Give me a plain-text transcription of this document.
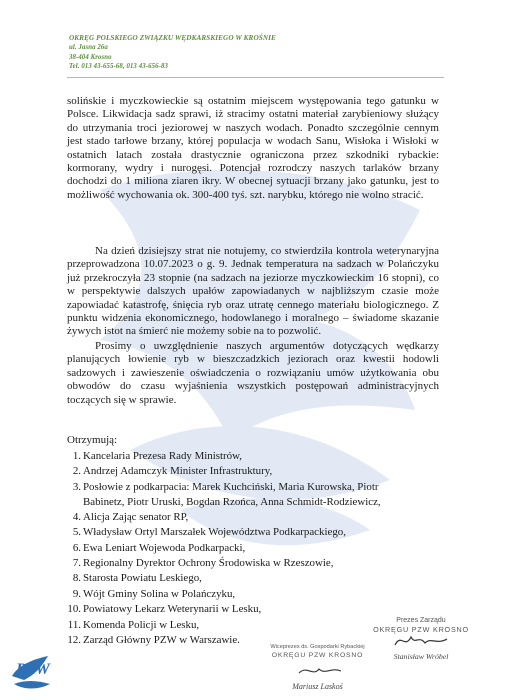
OKRĘG POLSKIEGO ZWIĄZKU WĘDKARSKIEGO W KROŚNIE
ul. Jasna 26a
38-404 Krosno
Tel. 013 43-655-68, 013 43-656-83

solińskie i myczkowieckie są ostatnim miejscem występowania tego gatunku w Polsce. Likwidacja sadz sprawi, iż stracimy ostatni materiał zarybieniowy służący do utrzymania troci jeziorowej w naszych wodach. Ponadto szczególnie cennym jest stado tarłowe brzany, której populacja w wodach Sanu, Wisłoka i Wisłoki w ostatnich latach została drastycznie ograniczona przez szkodniki rybackie: kormorany, wydry i nurogęsi. Potencjał rozrodczy naszych tarlaków brzany dochodzi do 1 miliona ziaren ikry. W obecnej sytuacji brzany jako gatunku, jest to możliwość wychowania ok. 300-400 tyś. szt. narybku, którego nie wolno stracić.

Na dzień dzisiejszy strat nie notujemy, co stwierdziła kontrola weterynaryjna przeprowadzona 10.07.2023 o g. 9. Jednak temperatura na sadzach w Polańczyku już przekroczyła 23 stopnie (na sadzach na jeziorze myczkowieckim 16 stopni), co w perspektywie dalszych upałów zapowiadanych w najbliższym czasie może zapowiadać katastrofę, śnięcia ryb oraz utratę cennego materiału biologicznego. Z punktu widzenia ekonomicznego, hodowlanego i moralnego – świadome skazanie żywych istot na śmierć nie możemy sobie na to pozwolić.

Prosimy o uwzględnienie naszych argumentów dotyczących wędkarzy planujących łowienie ryb w bieszczadzkich jeziorach oraz kwestii hodowli sadzowych i zawieszenie oświadczenia o rozwiązaniu umów użytkowania obu obwodów do czasu wyjaśnienia wszystkich postępowań administracyjnych toczących się w sprawie.

Otrzymują:
1. Kancelaria Prezesa Rady Ministrów,
2. Andrzej Adamczyk Minister Infrastruktury,
3. Posłowie z podkarpacia: Marek Kuchciński, Maria Kurowska, Piotr
Babinetz, Piotr Uruski, Bogdan Rzońca, Anna Schmidt-Rodziewicz,
4. Alicja Zając senator RP,
5. Władysław Ortyl Marszałek Województwa Podkarpackiego,
6. Ewa Leniart Wojewoda Podkarpacki,
7. Regionalny Dyrektor Ochrony Środowiska w Rzeszowie,
8. Starosta Powiatu Leskiego,
9. Wójt Gminy Solina w Polańczyku,
10. Powiatowy Lekarz Weterynarii w Lesku,
11. Komenda Policji w Lesku,
12. Zarząd Główny PZW w Warszawie.
Prezes Zarządu
OKRĘGU PZW KROSNO
Stanisław Wróbel
Wiceprezes ds. Gospodarki Rybackiej
OKRĘGU PZW KROSNO
Mariusz Laskoś
PZW
